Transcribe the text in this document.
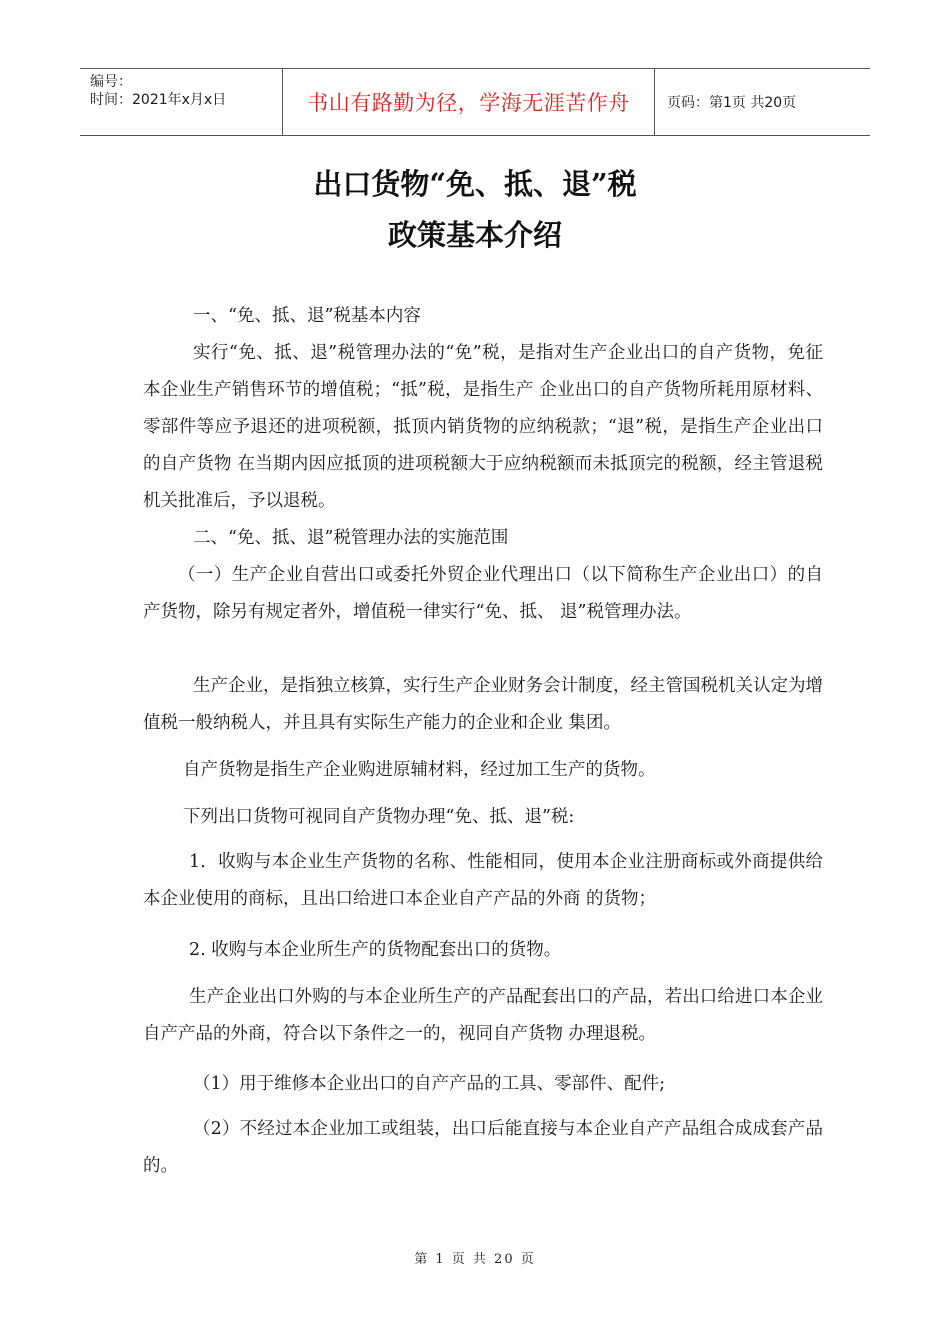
编号：
时间：2021年x月x日	书山有路勤为径，学海无涯苦作舟	页码：第1页 共20页
出口货物“免、抵、退”税
政策基本介绍
一、“免、抵、退”税基本内容
实行“免、抵、退”税管理办法的“免”税，是指对生产企业出口的自产货物，免征本企业生产销售环节的增值税；“抵”税，是指生产 企业出口的自产货物所耗用原材料、零部件等应予退还的进项税额，抵顶内销货物的应纳税款；“退”税，是指生产企业出口的自产货物 在当期内因应抵顶的进项税额大于应纳税额而未抵顶完的税额，经主管退税机关批准后，予以退税。
二、“免、抵、退”税管理办法的实施范围
（一）生产企业自营出口或委托外贸企业代理出口（以下简称生产企业出口）的自产货物，除另有规定者外，增值税一律实行“免、抵、 退”税管理办法。
生产企业，是指独立核算，实行生产企业财务会计制度，经主管国税机关认定为增值税一般纳税人，并且具有实际生产能力的企业和企业 集团。
自产货物是指生产企业购进原辅材料，经过加工生产的货物。
下列出口货物可视同自产货物办理“免、抵、退”税:
1．收购与本企业生产货物的名称、性能相同，使用本企业注册商标或外商提供给本企业使用的商标，且出口给进口本企业自产产品的外商 的货物；
2. 收购与本企业所生产的货物配套出口的货物。
生产企业出口外购的与本企业所生产的产品配套出口的产品，若出口给进口本企业自产产品的外商，符合以下条件之一的，视同自产货物 办理退税。
（1）用于维修本企业出口的自产产品的工具、零部件、配件;
（2）不经过本企业加工或组装，出口后能直接与本企业自产产品组合成成套产品的。
第 1 页 共 20 页
